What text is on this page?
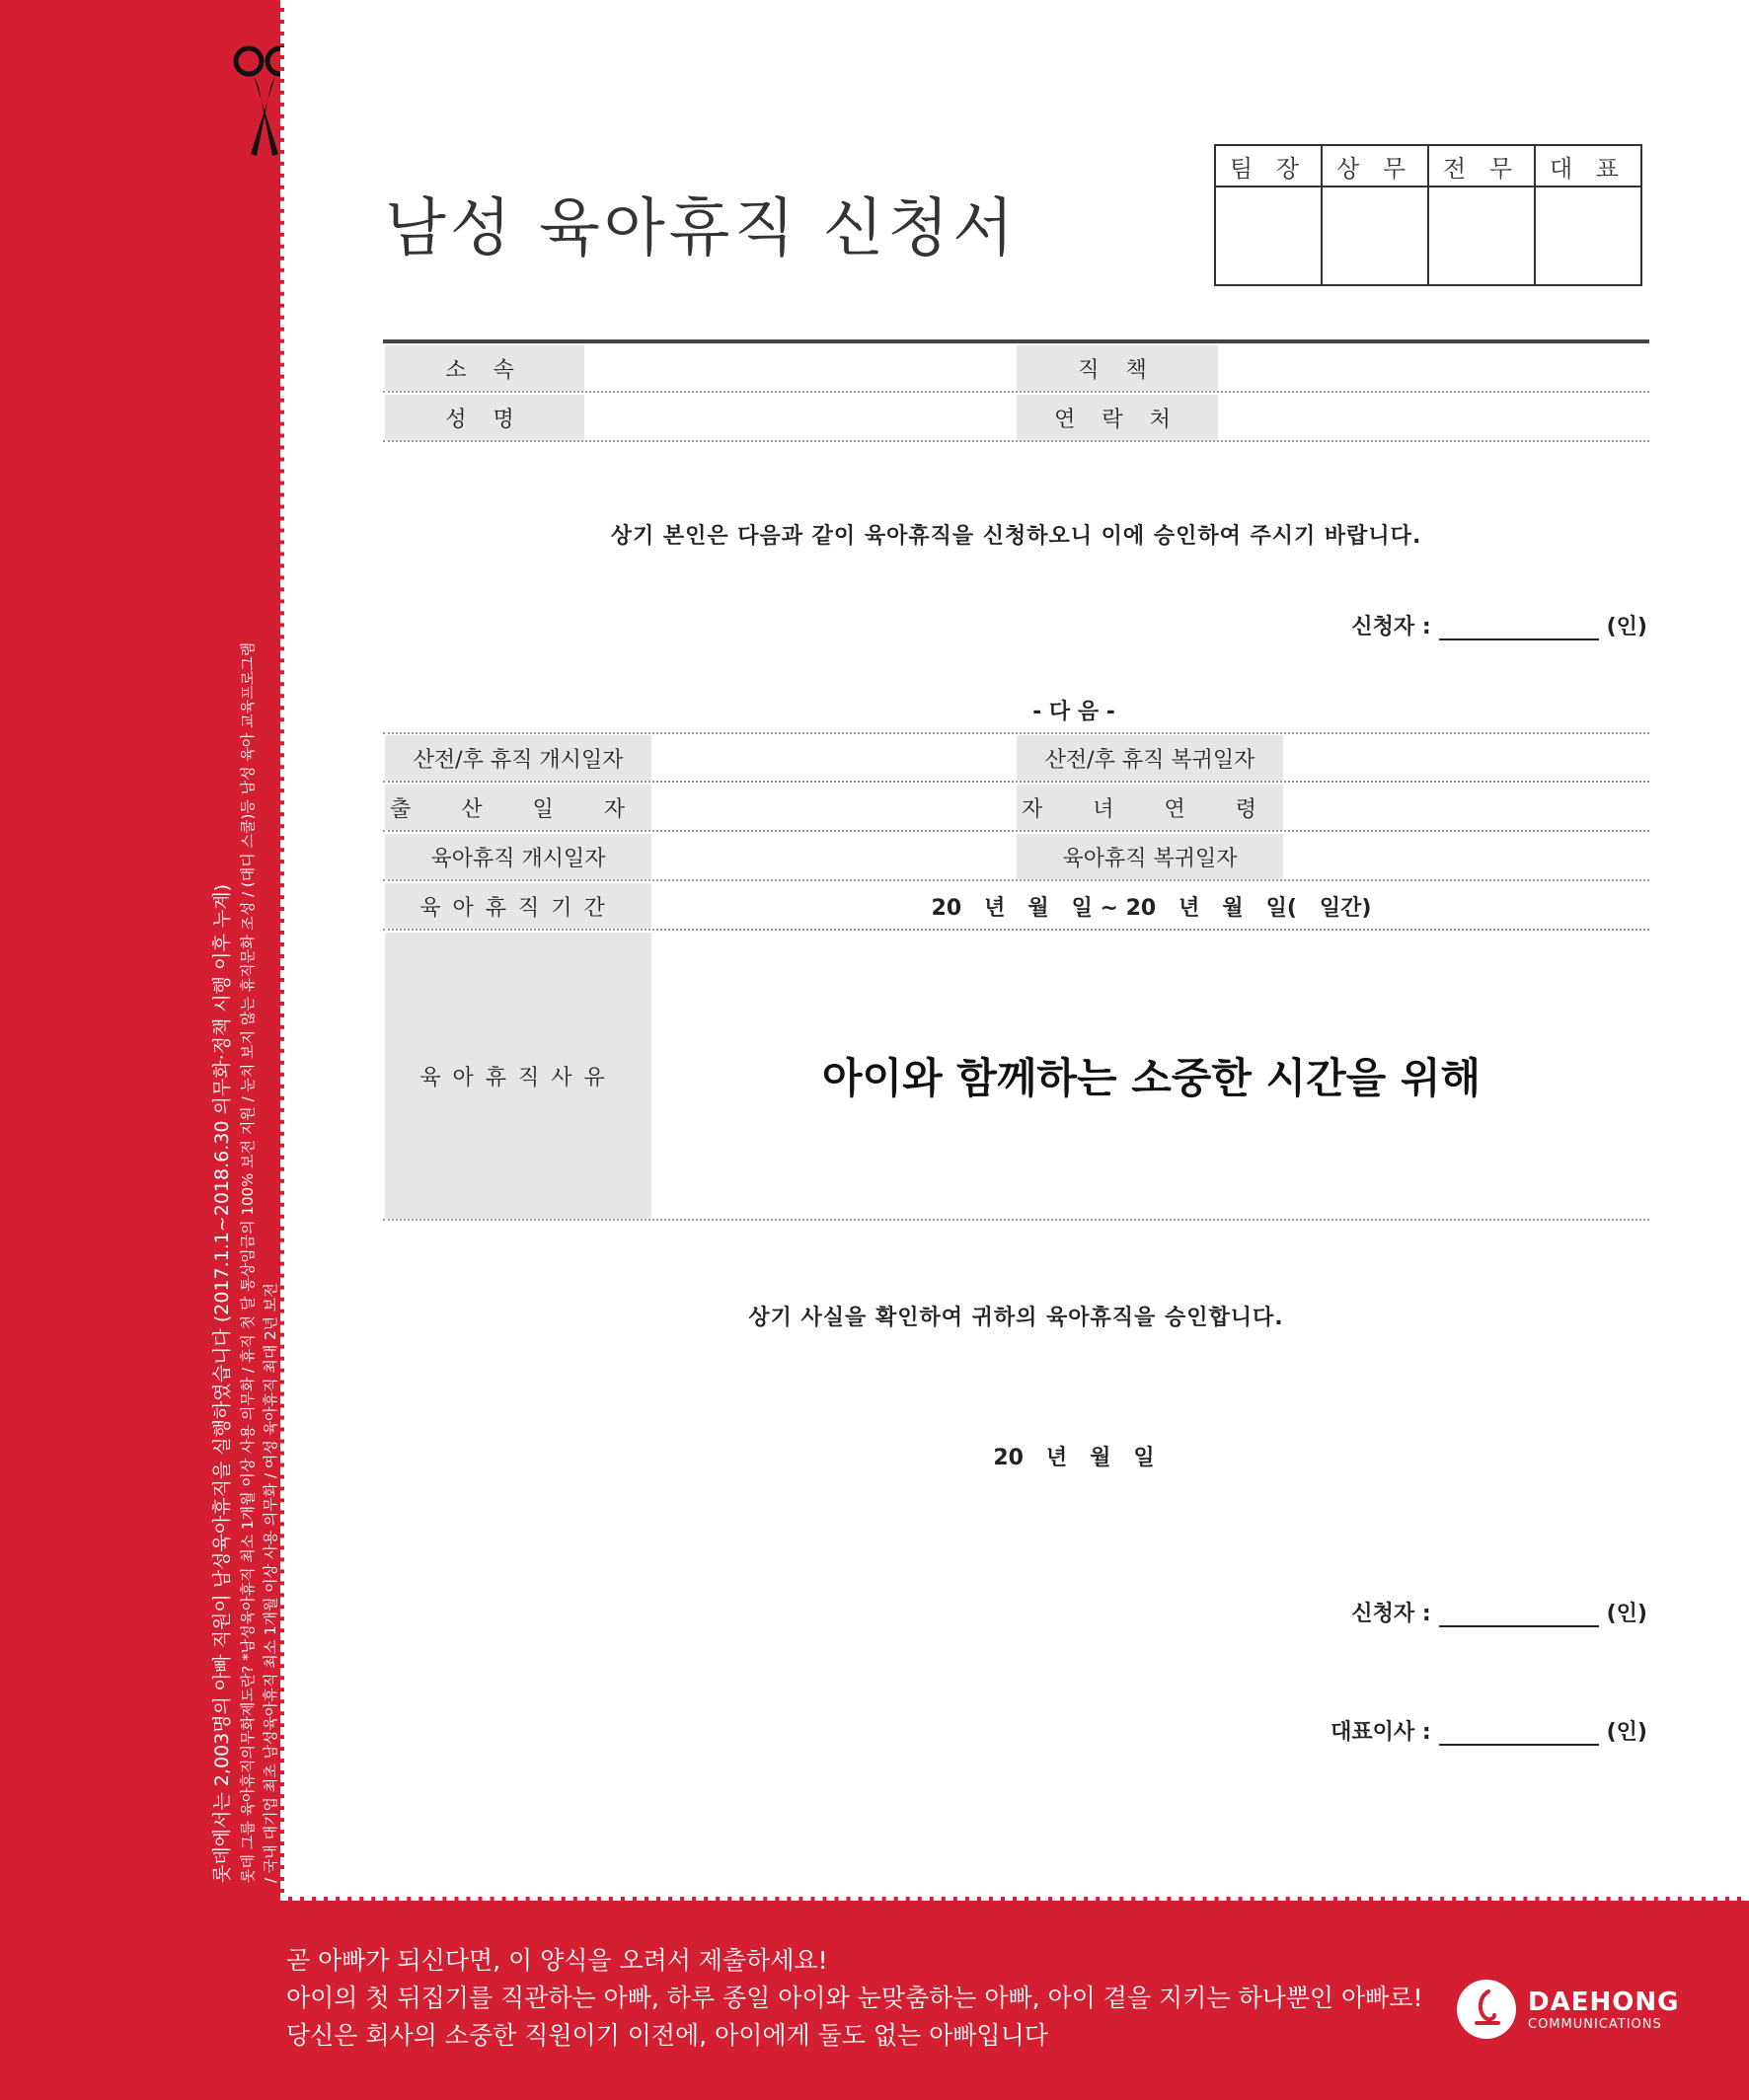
롯데에서는 2,003명의 아빠 직원이 남성육아휴직을 실행하였습니다 (2017.1.1~2018.6.30 의무화·정책 시행 이후 누계) 롯데 그룹 육아휴직의무화제도란? *남성육아휴직 최소 1개월 이상 사용 의무화 / 휴직 첫 달 통상임금의 100% 보전 지원 / 눈치 보지 않는 휴직문화 조성 / (대디 스쿨)등 남성 육아 교육프로그램 / 국내 대기업 최초 남성육아휴직 최소 1개월 이상 사용 의무화 / 여성 육아휴직 최대 2년 보전
남성 육아휴직 신청서
팀 장	상 무	전 무	대 표

소 속	직 책
성 명	연 락 처
상기 본인은 다음과 같이 육아휴직을 신청하오니 이에 승인하여 주시기 바랍니다.
신청자 :	(인)
- 다 음 -
산전/후 휴직 개시일자	산전/후 휴직 복귀일자
출 산 일 자	자 녀 연 령
육아휴직 개시일자	육아휴직 복귀일자
육아휴직기간	20   년   월   일 ~ 20   년   월   일(   일간)
육아휴직사유	아이와 함께하는 소중한 시간을 위해
상기 사실을 확인하여 귀하의 육아휴직을 승인합니다.
20   년   월   일
신청자 :	(인)
대표이사 :	(인)
곧 아빠가 되신다면, 이 양식을 오려서 제출하세요!
아이의 첫 뒤집기를 직관하는 아빠, 하루 종일 아이와 눈맞춤하는 아빠, 아이 곁을 지키는 하나뿐인 아빠로!
당신은 회사의 소중한 직원이기 이전에, 아이에게 둘도 없는 아빠입니다
DAEHONG
COMMUNICATIONS
